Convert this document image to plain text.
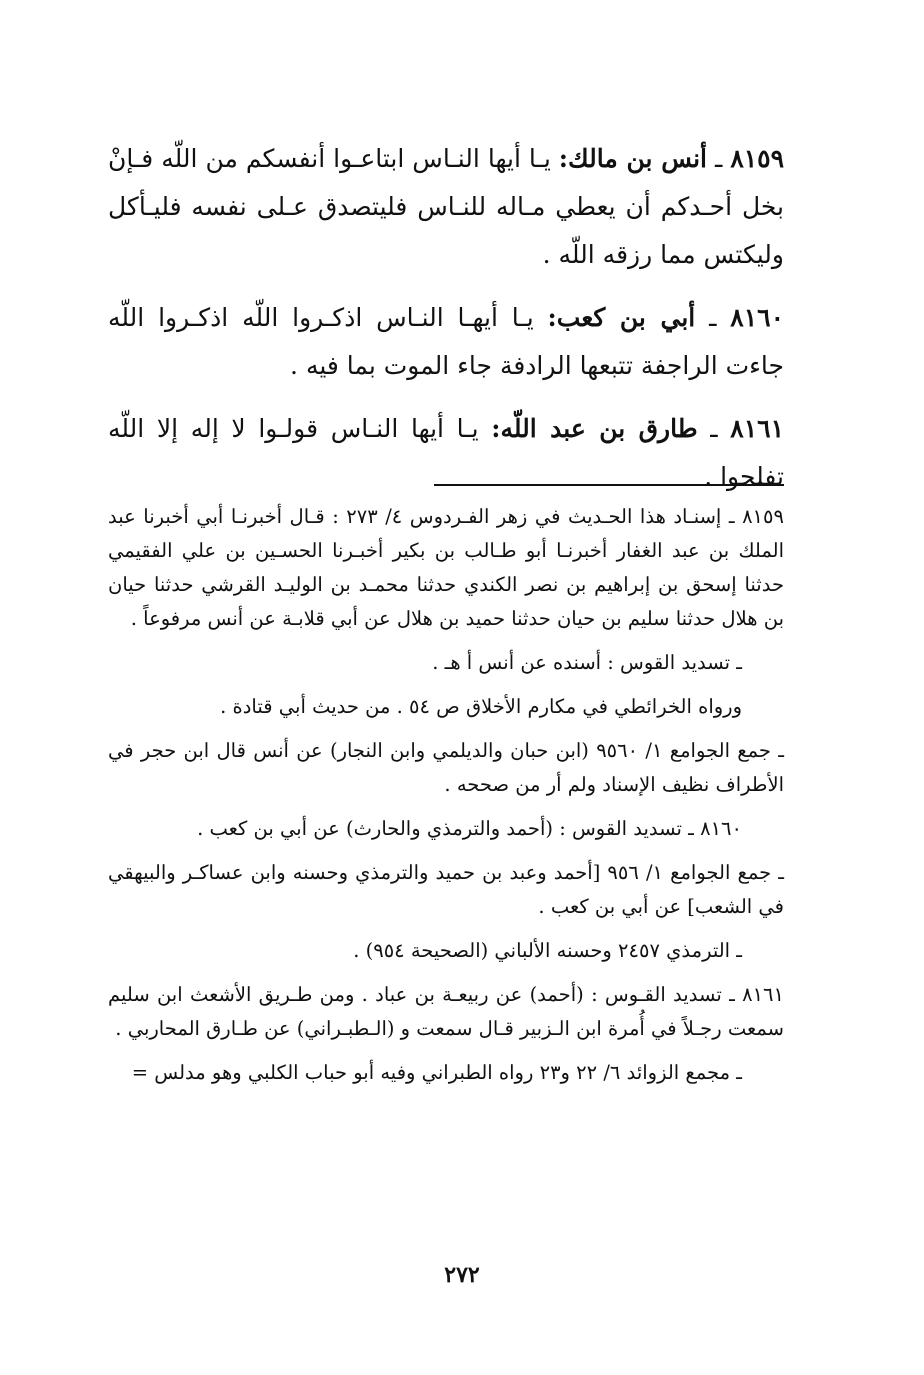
٨١٥٩ ـ أنس بن مالك: يـا أيها النـاس ابتاعـوا أنفسكم من اللّه فـإنْ بخل أحـدكم أن يعطي مـاله للنـاس فليتصدق عـلى نفسه فليـأكل وليكتس مما رزقه اللّه .

٨١٦٠ ـ أبي بن كعب: يـا أيهـا النـاس اذكـروا اللّه اذكـروا اللّه جاءت الراجفة تتبعها الرادفة جاء الموت بما فيه .

٨١٦١ ـ طارق بن عبد اللّه: يـا أيها النـاس قولـوا لا إله إلا اللّه تفلحوا .

٨١٥٩ ـ إسنـاد هذا الحـديث في زهر الفـردوس ٤/ ٢٧٣ : قـال أخبرنـا أبي أخبرنا عبد الملك بن عبد الغفار أخبرنـا أبو طـالب بن بكير أخبـرنا الحسـين بن علي الفقيمي حدثنا إسحق بن إبراهيم بن نصر الكندي حدثنا محمـد بن الوليـد القرشي حدثنا حيان بن هلال حدثنا سليم بن حيان حدثنا حميد بن هلال عن أبي قلابـة عن أنس مرفوعاً .

ـ تسديد القوس : أسنده عن أنس أ هـ .

ورواه الخرائطي في مكارم الأخلاق ص ٥٤ . من حديث أبي قتادة .

ـ جمع الجوامع ١/ ٩٥٦٠ (ابن حبان والديلمي وابن النجار) عن أنس قال ابن حجر في الأطراف نظيف الإسناد ولم أر من صححه .

٨١٦٠ ـ تسديد القوس : (أحمد والترمذي والحارث) عن أبي بن كعب .

ـ جمع الجوامع ١/ ٩٥٦ [أحمد وعبد بن حميد والترمذي وحسنه وابن عساكـر والبيهقي في الشعب] عن أبي بن كعب .

ـ الترمذي ٢٤٥٧ وحسنه الألباني (الصحيحة ٩٥٤) .

٨١٦١ ـ تسديد القـوس : (أحمد) عن ربيعـة بن عباد . ومن طـريق الأشعث ابن سليم سمعت رجـلاً في أُمرة ابن الـزبير قـال سمعت و (الـطبـراني) عن طـارق المحاربي .

ـ مجمع الزوائد ٦/ ٢٢ و٢٣ رواه الطبراني وفيه أبو حباب الكلبي وهو مدلس =

٢٧٢
